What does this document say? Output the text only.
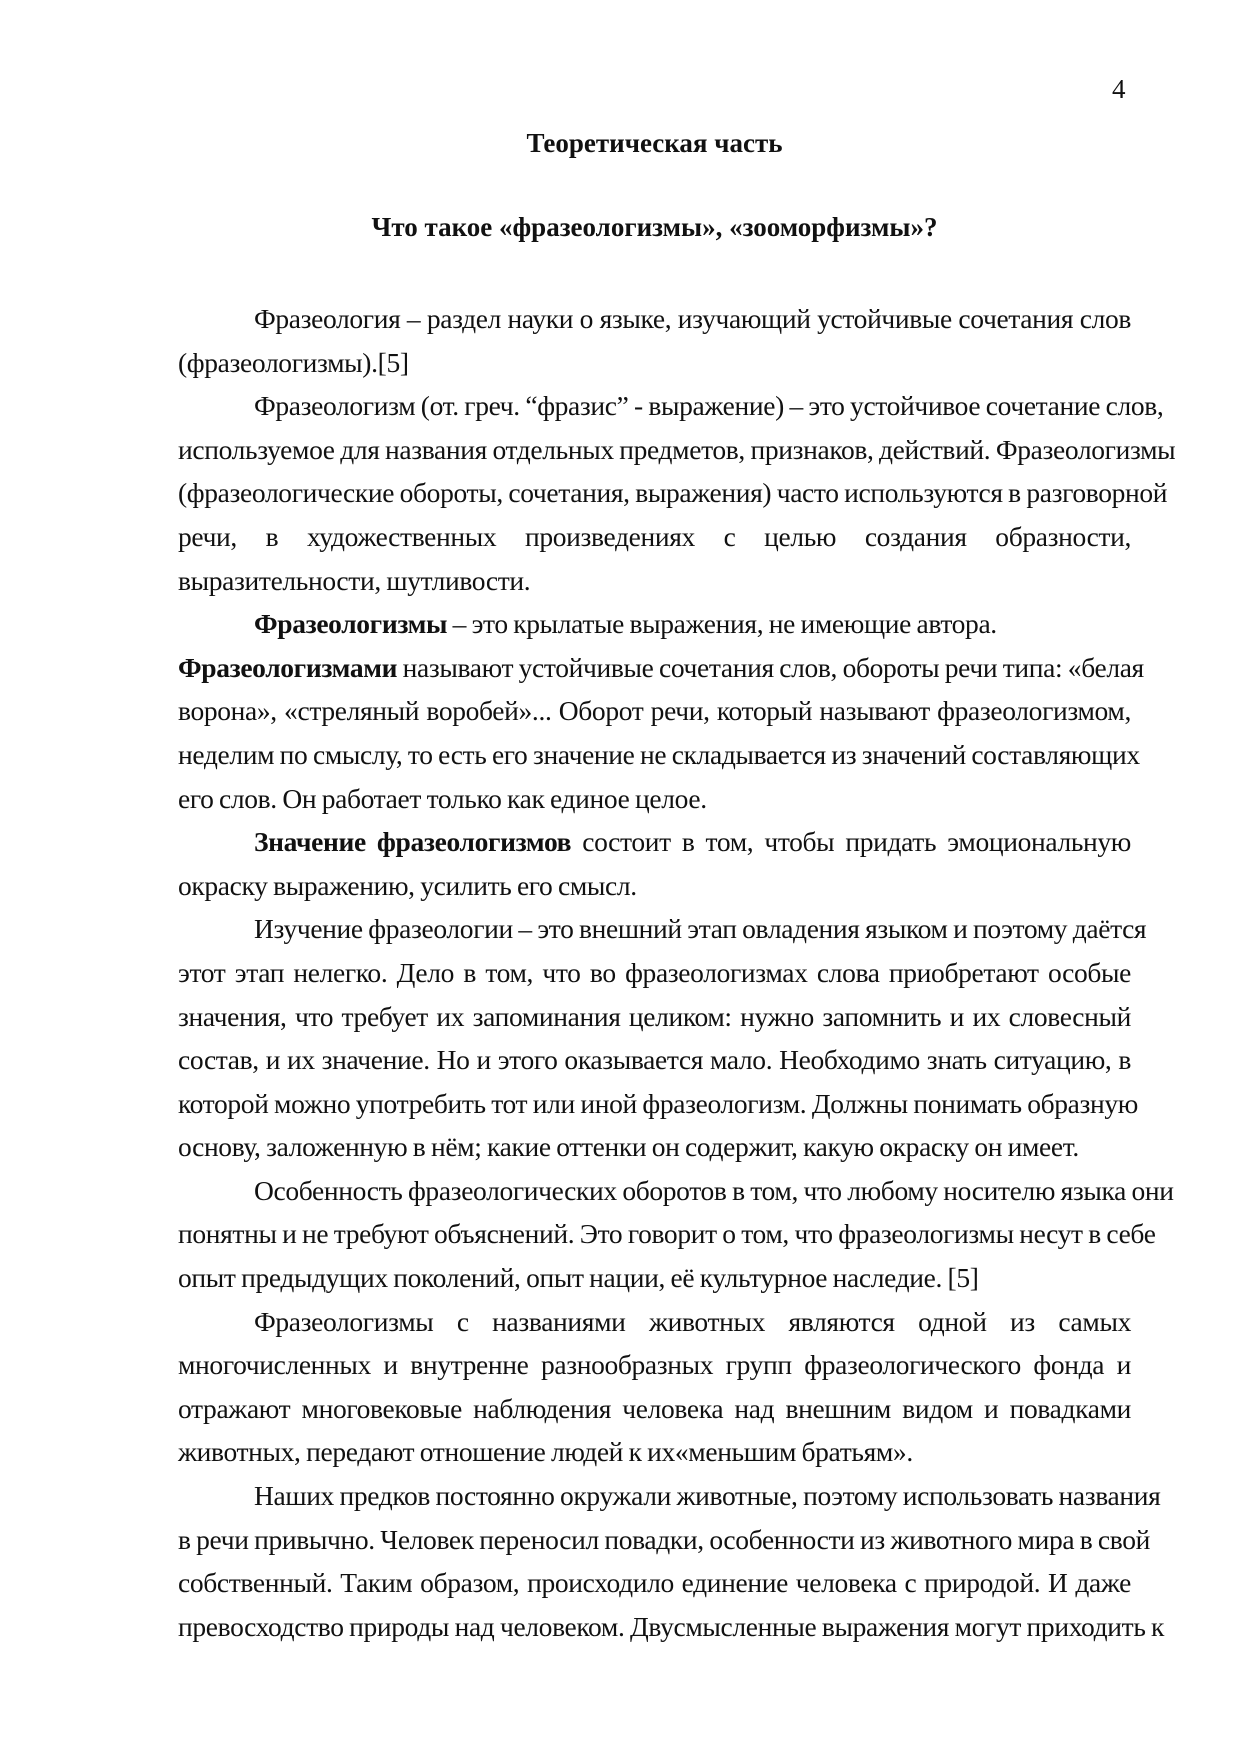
4
Теоретическая часть
Что такое «фразеологизмы», «зооморфизмы»?
Фразеология – раздел науки о языке, изучающий устойчивые сочетания слов
(фразеологизмы).[5]
Фразеологизм (от. греч. “фразис” - выражение) – это устойчивое сочетание слов,
используемое для названия отдельных предметов, признаков, действий. Фразеологизмы
(фразеологические обороты, сочетания, выражения) часто используются в разговорной
речи, в художественных произведениях с целью создания образности,
выразительности, шутливости.
Фразеологизмы – это крылатые выражения, не имеющие автора.
Фразеологизмами называют устойчивые сочетания слов, обороты речи типа: «белая
ворона», «стреляный воробей»... Оборот речи, который называют фразеологизмом,
неделим по смыслу, то есть его значение не складывается из значений составляющих
его слов. Он работает только как единое целое.
Значение фразеологизмов состоит в том, чтобы придать эмоциональную
окраску выражению, усилить его смысл.
Изучение фразеологии – это внешний этап овладения языком и поэтому даётся
этот этап нелегко. Дело в том, что во фразеологизмах слова приобретают особые
значения, что требует их запоминания целиком: нужно запомнить и их словесный
состав, и их значение. Но и этого оказывается мало. Необходимо знать ситуацию, в
которой можно употребить тот или иной фразеологизм. Должны понимать образную
основу, заложенную в нём; какие оттенки он содержит, какую окраску он имеет.
Особенность фразеологических оборотов в том, что любому носителю языка они
понятны и не требуют объяснений. Это говорит о том, что фразеологизмы несут в себе
опыт предыдущих поколений, опыт нации, её культурное наследие. [5]
Фразеологизмы с названиями животных являются одной из самых
многочисленных и внутренне разнообразных групп фразеологического фонда и
отражают многовековые наблюдения человека над внешним видом и повадками
животных, передают отношение людей к их«меньшим братьям».
Наших предков постоянно окружали животные, поэтому использовать названия
в речи привычно. Человек переносил повадки, особенности из животного мира в свой
собственный. Таким образом, происходило единение человека с природой. И даже
превосходство природы над человеком. Двусмысленные выражения могут приходить к
